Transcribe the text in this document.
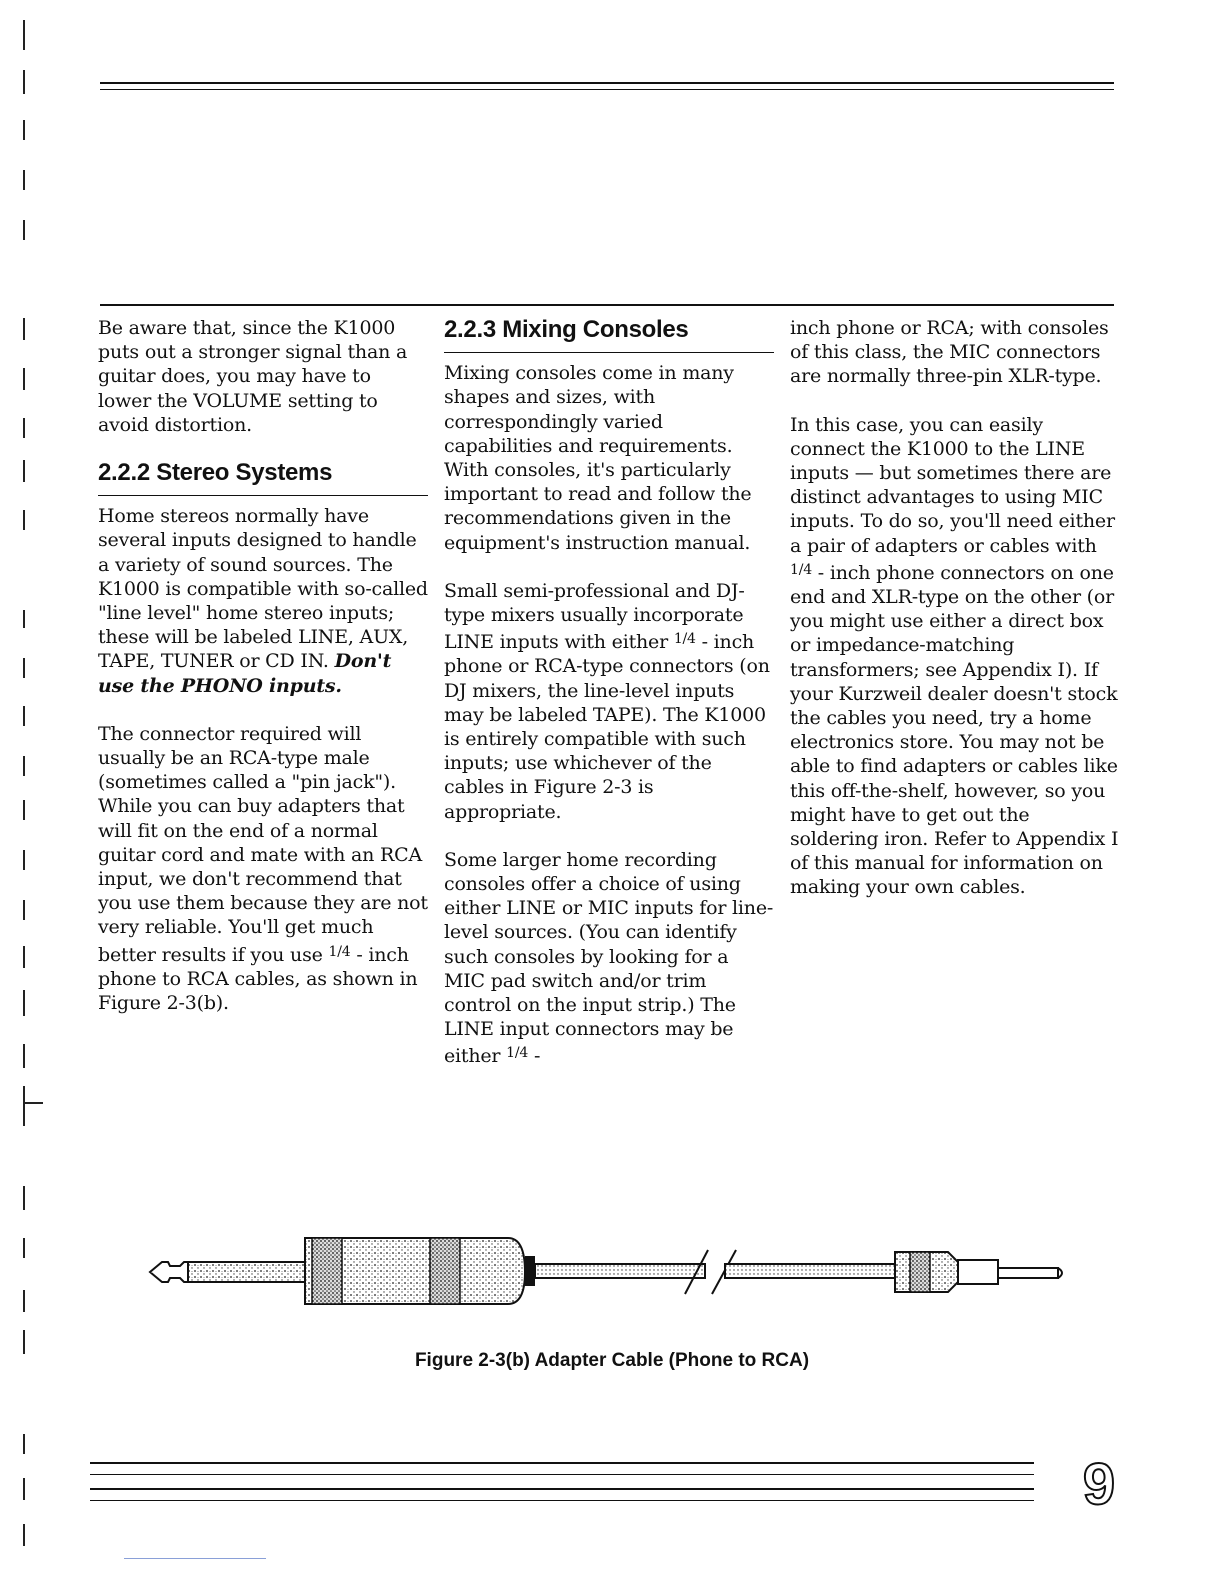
Be aware that, since the K1000 puts out a stronger signal than a guitar does, you may have to lower the VOLUME setting to avoid distortion.

2.2.2 Stereo Systems

Home stereos normally have several inputs designed to handle a variety of sound sources. The K1000 is compatible with so-called "line level" home stereo inputs; these will be labeled LINE, AUX, TAPE, TUNER or CD IN. Don't use the PHONO inputs.

The connector required will usually be an RCA-type male (sometimes called a "pin jack"). While you can buy adapters that will fit on the end of a normal guitar cord and mate with an RCA input, we don't recommend that you use them because they are not very reliable. You'll get much better results if you use $^{1/4}$ - inch phone to RCA cables, as shown in Figure 2-3(b).

2.2.3 Mixing Consoles

Mixing consoles come in many shapes and sizes, with correspondingly varied capabilities and requirements. With consoles, it's particularly important to read and follow the recommendations given in the equipment's instruction manual.

Small semi-professional and DJ-type mixers usually incorporate LINE inputs with either $^{1/4}$ - inch phone or RCA-type connectors (on DJ mixers, the line-level inputs may be labeled TAPE). The K1000 is entirely compatible with such inputs; use whichever of the cables in Figure 2-3 is appropriate.

Some larger home recording consoles offer a choice of using either LINE or MIC inputs for line-level sources. (You can identify such consoles by looking for a MIC pad switch and/or trim control on the input strip.) The LINE input connectors may be either $^{1/4}$ -

inch phone or RCA; with consoles of this class, the MIC connectors are normally three-pin XLR-type.

In this case, you can easily connect the K1000 to the LINE inputs — but sometimes there are distinct advantages to using MIC inputs. To do so, you'll need either a pair of adapters or cables with $^{1/4}$ - inch phone connectors on one end and XLR-type on the other (or you might use either a direct box or impedance-matching transformers; see Appendix I). If your Kurzweil dealer doesn't stock the cables you need, try a home electronics store. You may not be able to find adapters or cables like this off-the-shelf, however, so you might have to get out the soldering iron. Refer to Appendix I of this manual for information on making your own cables.

Figure 2-3(b) Adapter Cable (Phone to RCA)
9
